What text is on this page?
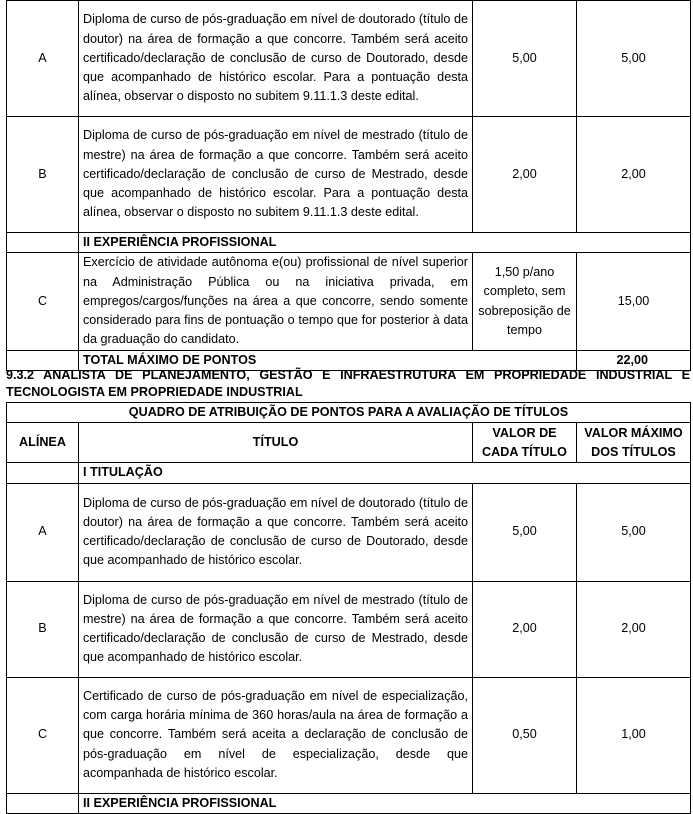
A	Diploma de curso de pós-graduação em nível de doutorado (título de doutor) na área de formação a que concorre. Também será aceito certificado/declaração de conclusão de curso de Doutorado, desde que acompanhado de histórico escolar. Para a pontuação desta alínea, observar o disposto no subitem 9.11.1.3 deste edital.	5,00	5,00
B	Diploma de curso de pós-graduação em nível de mestrado (título de mestre) na área de formação a que concorre. Também será aceito certificado/declaração de conclusão de curso de Mestrado, desde que acompanhado de histórico escolar. Para a pontuação desta alínea, observar o disposto no subitem 9.11.1.3 deste edital.	2,00	2,00
	II EXPERIÊNCIA PROFISSIONAL		
C	Exercício de atividade autônoma e(ou) profissional de nível superior na Administração Pública ou na iniciativa privada, em empregos/cargos/funções na área a que concorre, sendo somente considerado para fins de pontuação o tempo que for posterior à data da graduação do candidato.	1,50 p/ano completo, sem sobreposição de tempo	15,00
	TOTAL MÁXIMO DE PONTOS		22,00
9.3.2 ANALISTA DE PLANEJAMENTO, GESTÃO E INFRAESTRUTURA EM PROPRIEDADE INDUSTRIAL E TECNOLOGISTA EM PROPRIEDADE INDUSTRIAL
QUADRO DE ATRIBUIÇÃO DE PONTOS PARA A AVALIAÇÃO DE TÍTULOS			
ALÍNEA	TÍTULO	VALOR DE CADA TÍTULO	VALOR MÁXIMO DOS TÍTULOS
	I TITULAÇÃO		
A	Diploma de curso de pós-graduação em nível de doutorado (título de doutor) na área de formação a que concorre. Também será aceito certificado/declaração de conclusão de curso de Doutorado, desde que acompanhado de histórico escolar.	5,00	5,00
B	Diploma de curso de pós-graduação em nível de mestrado (título de mestre) na área de formação a que concorre. Também será aceito certificado/declaração de conclusão de curso de Mestrado, desde que acompanhado de histórico escolar.	2,00	2,00
C	Certificado de curso de pós-graduação em nível de especialização, com carga horária mínima de 360 horas/aula na área de formação a que concorre. Também será aceita a declaração de conclusão de pós-graduação em nível de especialização, desde que acompanhada de histórico escolar.	0,50	1,00
	II EXPERIÊNCIA PROFISSIONAL		
